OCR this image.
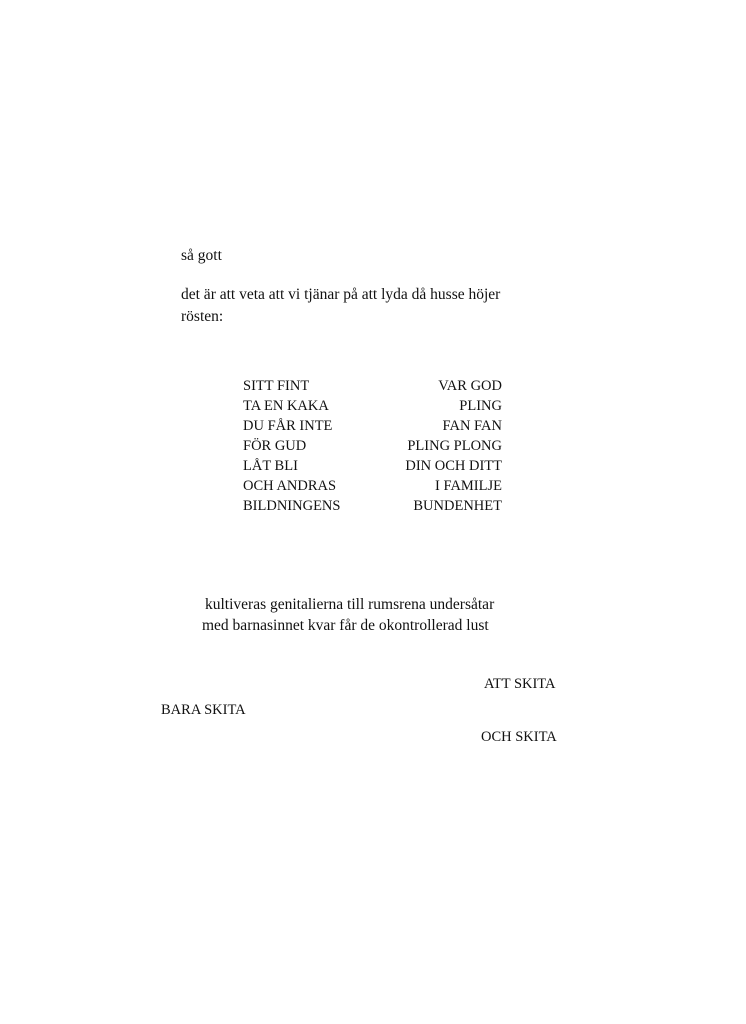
så gott
det är att veta att vi tjänar på att lyda då husse höjer
rösten:
SITT FINT
TA EN KAKA
DU FÅR INTE
FÖR GUD
LÅT BLI
OCH ANDRAS
BILDNINGENS
VAR GOD
PLING
FAN FAN
PLING PLONG
DIN OCH DITT
I FAMILJE
BUNDENHET
kultiveras genitalierna till rumsrena undersåtar
med barnasinnet kvar får de okontrollerad lust
ATT SKITA
BARA SKITA
OCH SKITA
